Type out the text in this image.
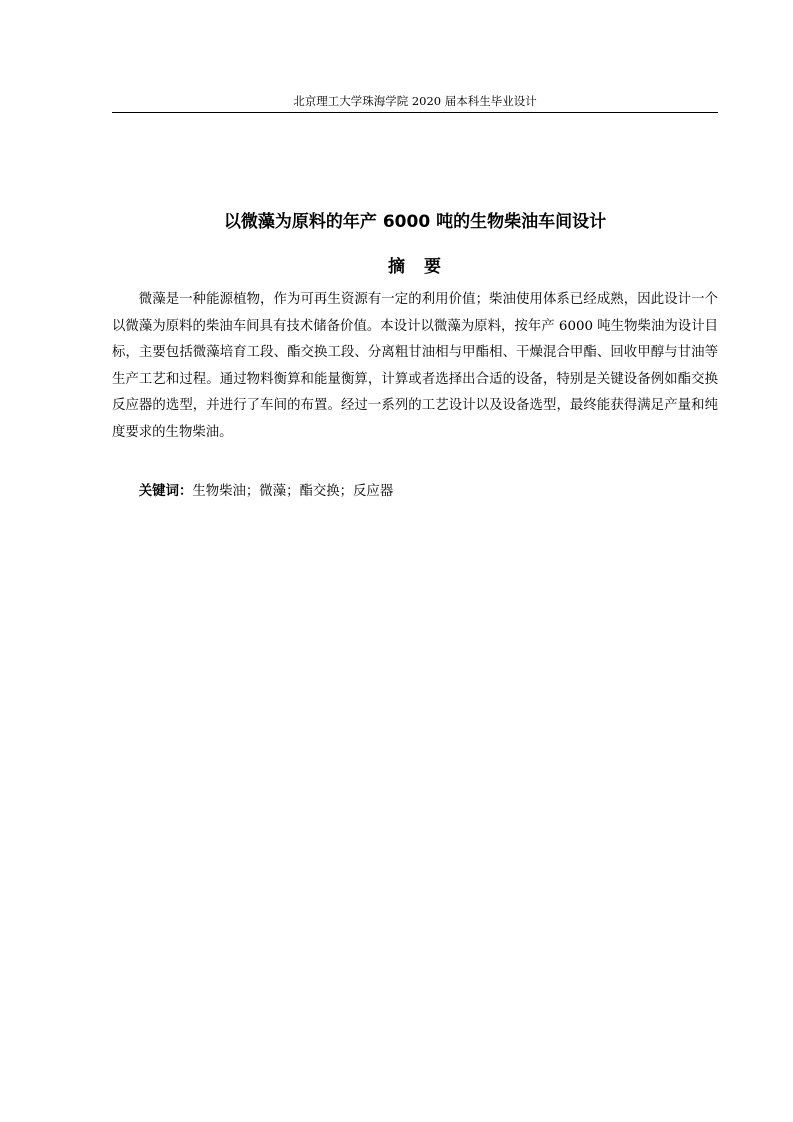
北京理工大学珠海学院 2020 届本科生毕业设计
以微藻为原料的年产 6000 吨的生物柴油车间设计
摘　要
微藻是一种能源植物，作为可再生资源有一定的利用价值；柴油使用体系已经成熟，因此设计一个以微藻为原料的柴油车间具有技术储备价值。本设计以微藻为原料，按年产 6000 吨生物柴油为设计目标，主要包括微藻培育工段、酯交换工段、分离粗甘油相与甲酯相、干燥混合甲酯、回收甲醇与甘油等生产工艺和过程。通过物料衡算和能量衡算，计算或者选择出合适的设备，特别是关键设备例如酯交换反应器的选型，并进行了车间的布置。经过一系列的工艺设计以及设备选型，最终能获得满足产量和纯度要求的生物柴油。
关键词：生物柴油；微藻；酯交换；反应器
